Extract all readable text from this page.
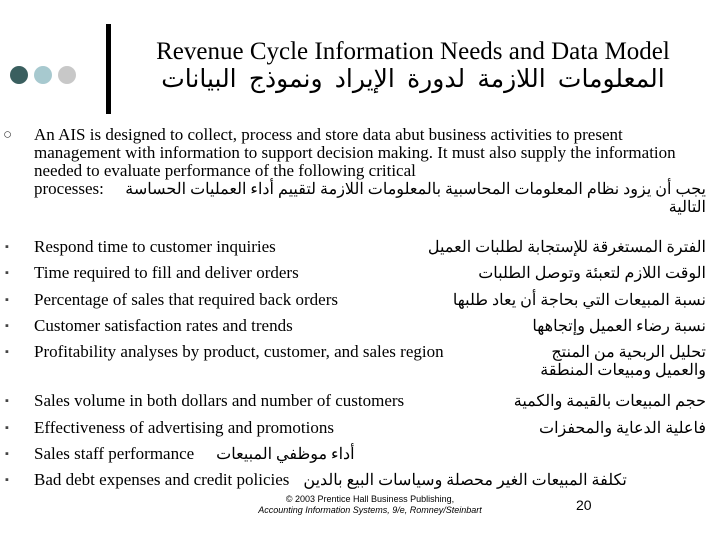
Revenue Cycle Information Needs and Data Model
المعلومات اللازمة لدورة الإيراد ونموذج البيانات
○ An AIS is designed to collect, process and store data abut business activities to present management with information to support decision making. It must also supply the information needed to evaluate performance of the following critical
processes: يجب أن يزود نظام المعلومات المحاسبية بالمعلومات اللازمة لتقييم أداء العمليات الحساسة
التالية
▪ Respond time to customer inquiries	الفترة المستغرقة للإستجابة لطلبات العميل
▪ Time required to fill and deliver orders	الوقت اللازم لتعبئة وتوصل الطلبات
▪ Percentage of sales that required back orders	نسبة المبيعات التي بحاجة أن يعاد طلبها
▪ Customer satisfaction rates and trends	نسبة رضاء العميل وإتجاهها
▪ Profitability analyses by product, customer, and sales region	تحليل الربحية من المنتج
والعميل ومبيعات المنطقة
▪ Sales volume in both dollars and number of customers	حجم المبيعات بالقيمة والكمية
▪ Effectiveness of advertising and promotions	فاعلية الدعاية والمحفزات
▪ Sales staff performance أداء موظفي المبيعات
▪ Bad debt expenses and credit policies تكلفة المبيعات الغير محصلة وسياسات البيع بالدين
© 2003 Prentice Hall Business Publishing,
Accounting Information Systems, 9/e, Romney/Steinbart	20
